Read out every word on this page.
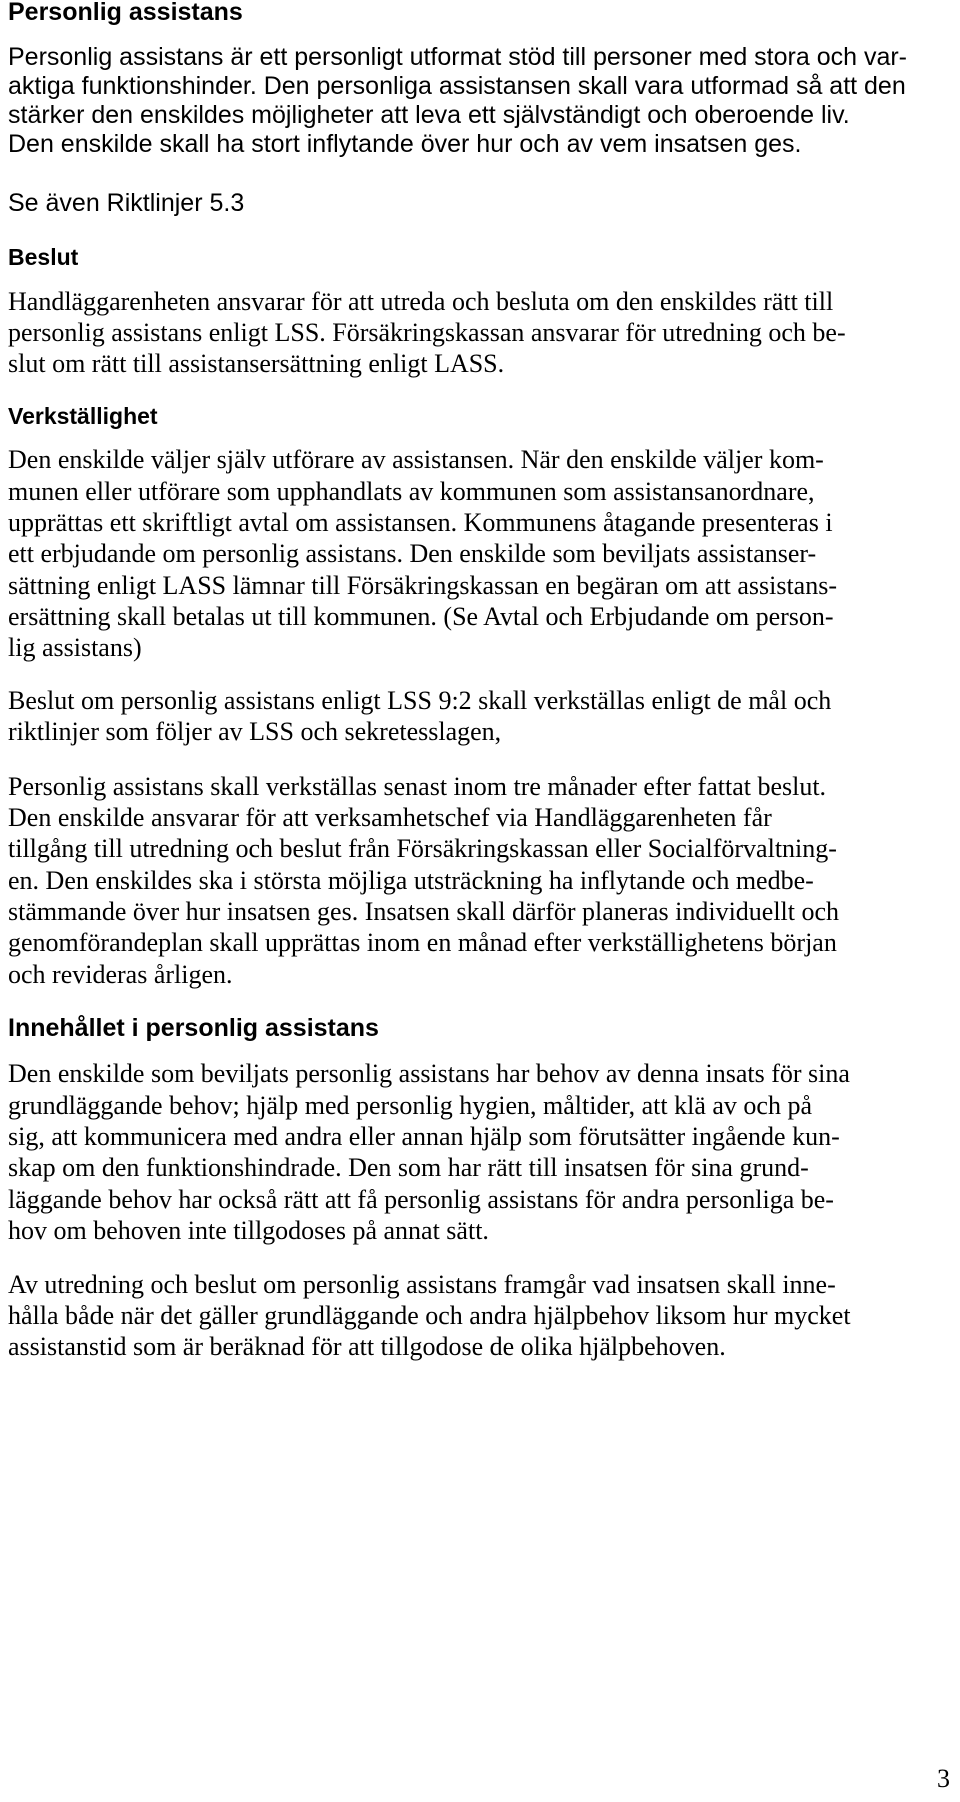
Personlig assistans
Personlig assistans är ett personligt utformat stöd till personer med stora och var-
aktiga funktionshinder. Den personliga assistansen skall vara utformad så att den
stärker den enskildes möjligheter att leva ett självständigt och oberoende liv.
Den enskilde skall ha stort inflytande över hur och av vem insatsen ges.
Se även Riktlinjer 5.3
Beslut
Handläggarenheten ansvarar för att utreda och besluta om den enskildes rätt till
personlig assistans enligt LSS. Försäkringskassan ansvarar för utredning och be-
slut om rätt till assistansersättning enligt LASS.
Verkställighet
Den enskilde väljer själv utförare av assistansen. När den enskilde väljer kom-
munen eller utförare som upphandlats av kommunen som assistansanordnare,
upprättas ett skriftligt avtal om assistansen. Kommunens åtagande presenteras i
ett erbjudande om personlig assistans. Den enskilde som beviljats assistanser-
sättning enligt LASS lämnar till Försäkringskassan en begäran om att assistans-
ersättning skall betalas ut till kommunen. (Se Avtal och Erbjudande om person-
lig assistans)
Beslut om personlig assistans enligt LSS 9:2 skall verkställas enligt de mål och
riktlinjer som följer av LSS och sekretesslagen,
Personlig assistans skall verkställas senast inom tre månader efter fattat beslut.
Den enskilde ansvarar för att verksamhetschef via Handläggarenheten får
tillgång till utredning och beslut från Försäkringskassan eller Socialförvaltning-
en. Den enskildes ska i största möjliga utsträckning ha inflytande och medbe-
stämmande över hur insatsen ges. Insatsen skall därför planeras individuellt och
genomförandeplan skall upprättas inom en månad efter verkställighetens början
och revideras årligen.
Innehållet i personlig assistans
Den enskilde som beviljats personlig assistans har behov av denna insats för sina
grundläggande behov; hjälp med personlig hygien, måltider, att klä av och på
sig, att kommunicera med andra eller annan hjälp som förutsätter ingående kun-
skap om den funktionshindrade. Den som har rätt till insatsen för sina grund-
läggande behov har också rätt att få personlig assistans för andra personliga be-
hov om behoven inte tillgodoses på annat sätt.
Av utredning och beslut om personlig assistans framgår vad insatsen skall inne-
hålla både när det gäller grundläggande och andra hjälpbehov liksom hur mycket
assistanstid som är beräknad för att tillgodose de olika hjälpbehoven.
3
